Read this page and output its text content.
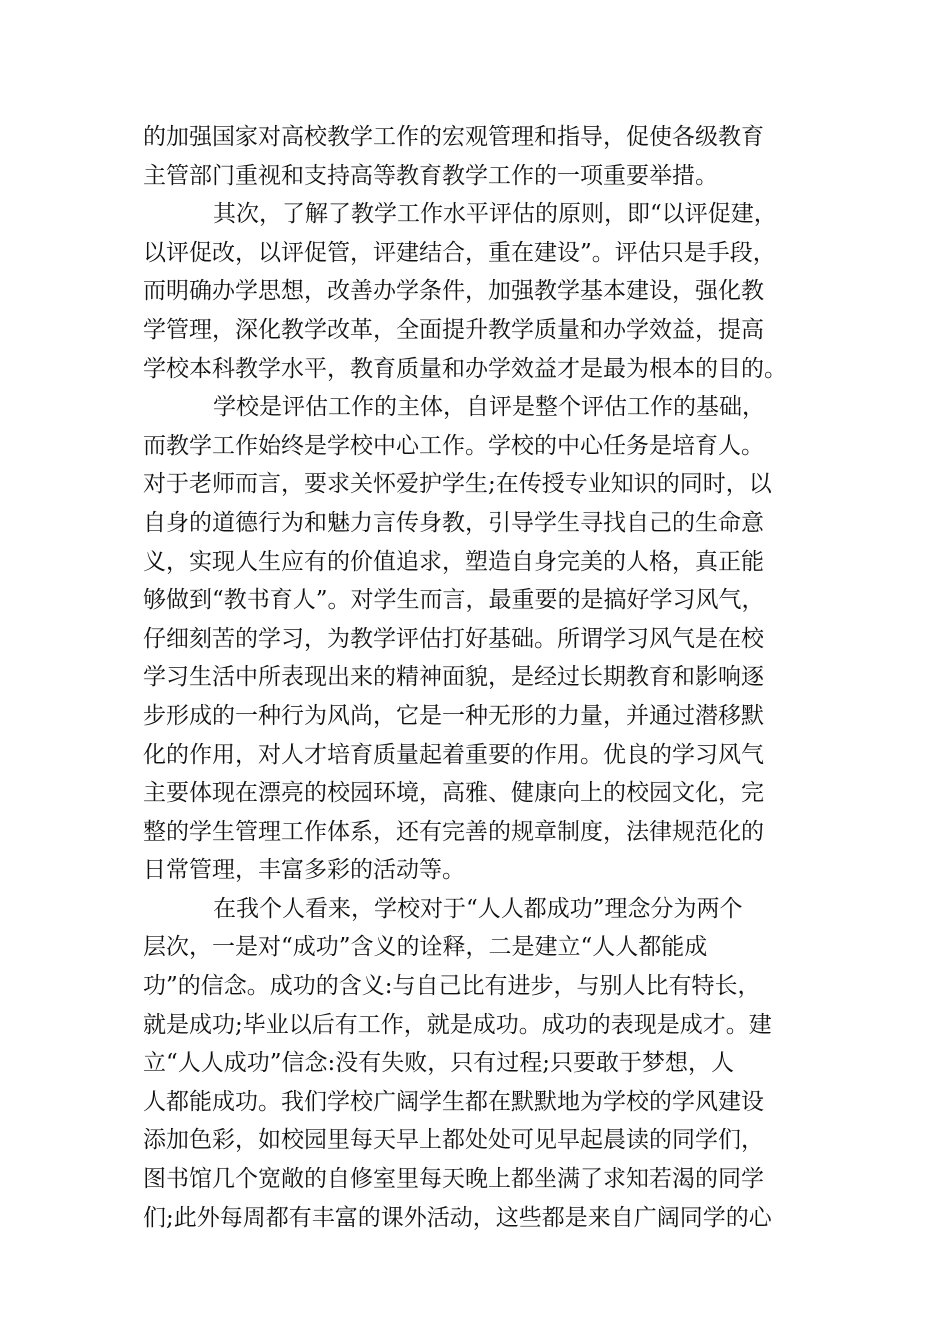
的加强国家对高校教学工作的宏观管理和指导，促使各级教育
主管部门重视和支持高等教育教学工作的一项重要举措。
其次，了解了教学工作水平评估的原则，即“以评促建，
以评促改，以评促管，评建结合，重在建设”。评估只是手段，
而明确办学思想，改善办学条件，加强教学基本建设，强化教
学管理，深化教学改革，全面提升教学质量和办学效益，提高
学校本科教学水平，教育质量和办学效益才是最为根本的目的。
学校是评估工作的主体，自评是整个评估工作的基础，
而教学工作始终是学校中心工作。学校的中心任务是培育人。
对于老师而言，要求关怀爱护学生;在传授专业知识的同时，以
自身的道德行为和魅力言传身教，引导学生寻找自己的生命意
义，实现人生应有的价值追求，塑造自身完美的人格，真正能
够做到“教书育人”。对学生而言，最重要的是搞好学习风气，
仔细刻苦的学习，为教学评估打好基础。所谓学习风气是在校
学习生活中所表现出来的精神面貌，是经过长期教育和影响逐
步形成的一种行为风尚，它是一种无形的力量，并通过潜移默
化的作用，对人才培育质量起着重要的作用。优良的学习风气
主要体现在漂亮的校园环境，高雅、健康向上的校园文化，完
整的学生管理工作体系，还有完善的规章制度，法律规范化的
日常管理，丰富多彩的活动等。
在我个人看来，学校对于“人人都成功”理念分为两个
层次，一是对“成功”含义的诠释，二是建立“人人都能成
功”的信念。成功的含义:与自己比有进步，与别人比有特长，
就是成功;毕业以后有工作，就是成功。成功的表现是成才。建
立“人人成功”信念:没有失败，只有过程;只要敢于梦想，人
人都能成功。我们学校广阔学生都在默默地为学校的学风建设
添加色彩，如校园里每天早上都处处可见早起晨读的同学们，
图书馆几个宽敞的自修室里每天晚上都坐满了求知若渴的同学
们;此外每周都有丰富的课外活动，这些都是来自广阔同学的心
